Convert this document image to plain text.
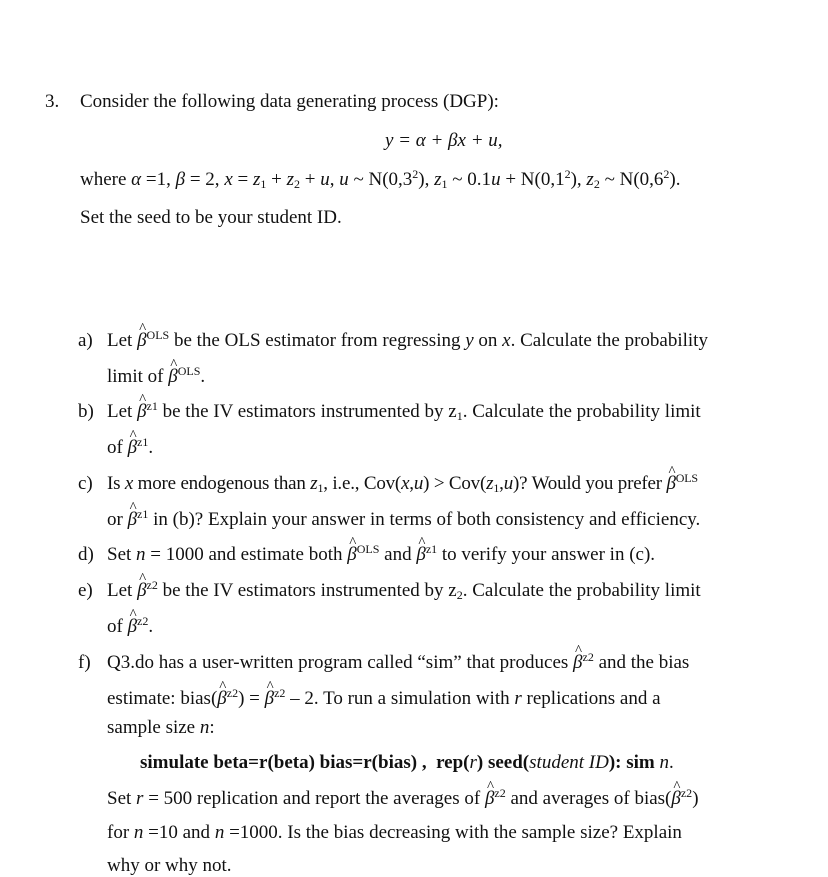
3. Consider the following data generating process (DGP):
y = α + βx + u,
where α =1, β = 2, $x = z_1 + z_2 + u$, u ~ $N(0,3^2)$, $z_1$ ~ $0.1u + N(0,1^2)$, $z_2$ ~ $N(0,6^2)$.
Set the seed to be your student ID.
a) Let ^ $\beta^{OLS}$ be the OLS estimator from regressing y on x. Calculate the probability
limit of ^ $\beta^{OLS}$.
b) Let ^ $\beta^{z1}$ be the IV estimators instrumented by $z_1$. Calculate the probability limit
of ^ $\beta^{z1}$.
c) Is x more endogenous than $z_1$, i.e., $Cov(x,u) > Cov(z_1,u)$? Would you prefer ^ $\beta^{OLS}$
or ^ $\beta^{z1}$ in (b)? Explain your answer in terms of both consistency and efficiency.
d) Set n = 1000 and estimate both ^ $\beta^{OLS}$ and ^ $\beta^{z1}$ to verify your answer in (c).
e) Let ^ $\beta^{z2}$ be the IV estimators instrumented by $z_2$. Calculate the probability limit
of ^ $\beta^{z2}$.
f) Q3.do has a user-written program called “sim” that produces ^ $\beta^{z2}$ and the bias
estimate: bias(^ $\beta^{z2}$) = ^ $\beta^{z2} - 2$. To run a simulation with r replications and a
sample size n:
simulate beta=r(beta) bias=r(bias) ,  rep(r) seed(student ID): sim n.
Set r = 500 replication and report the averages of ^ $\beta^{z2}$ and averages of bias(^ $\beta^{z2}$)
for n =10 and n =1000. Is the bias decreasing with the sample size? Explain
why or why not.
